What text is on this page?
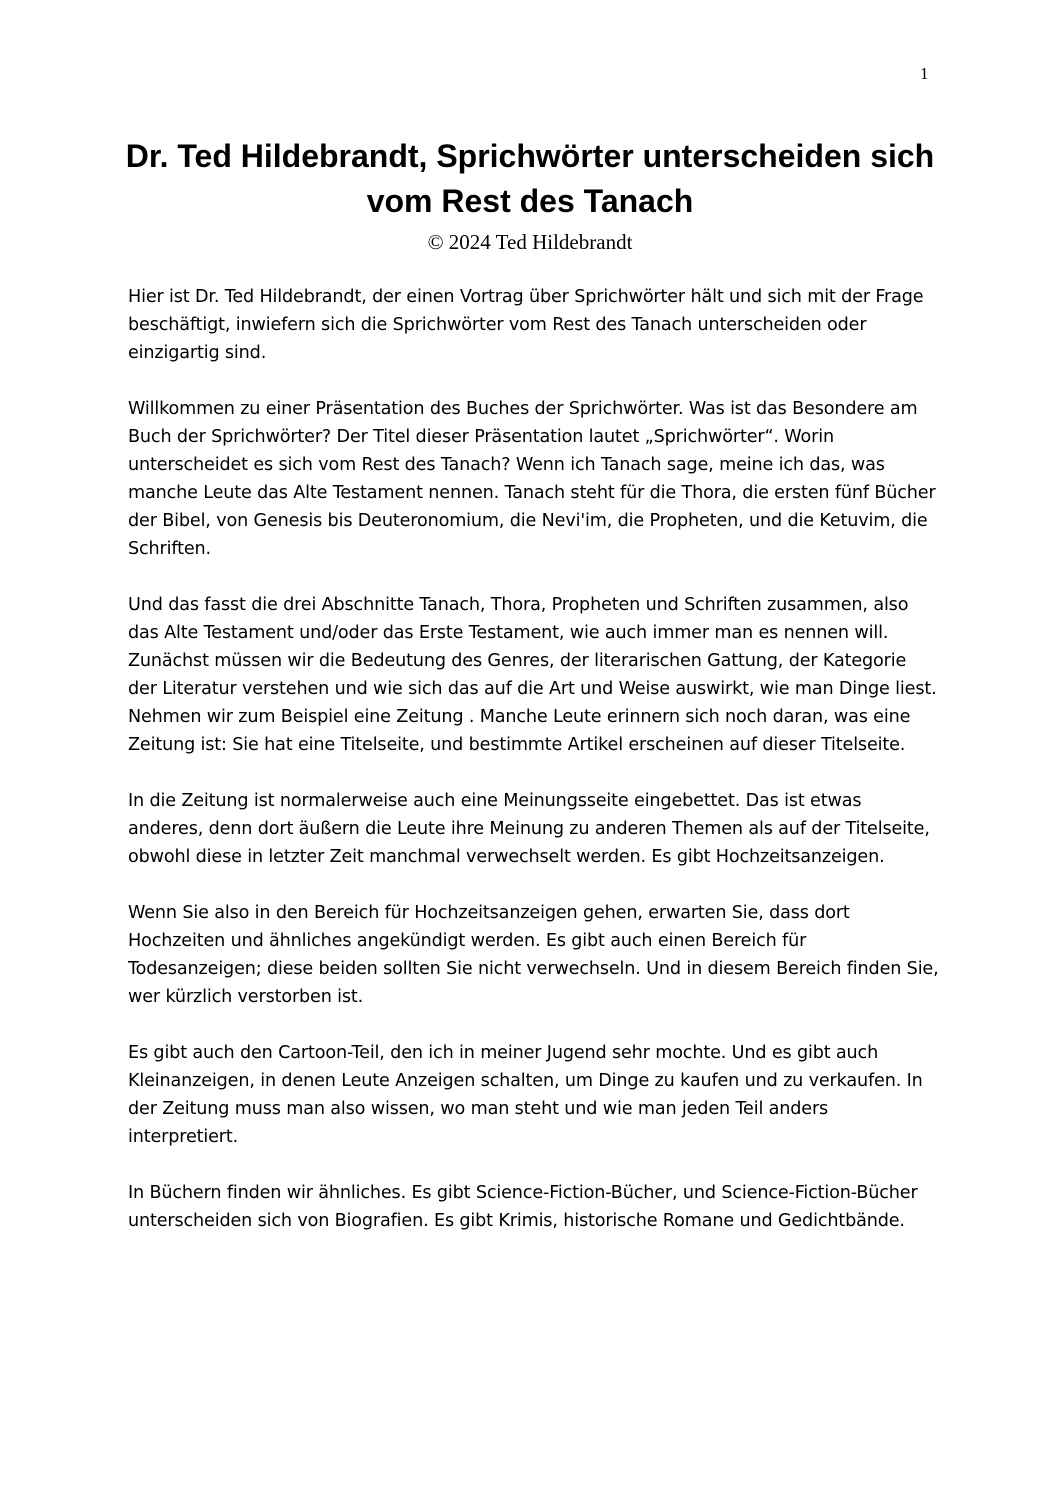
1
Dr. Ted Hildebrandt, Sprichwörter unterscheiden sich vom Rest des Tanach
© 2024 Ted Hildebrandt

Hier ist Dr. Ted Hildebrandt, der einen Vortrag über Sprichwörter hält und sich mit der Frage beschäftigt, inwiefern sich die Sprichwörter vom Rest des Tanach unterscheiden oder einzigartig sind.

Willkommen zu einer Präsentation des Buches der Sprichwörter. Was ist das Besondere am Buch der Sprichwörter? Der Titel dieser Präsentation lautet „Sprichwörter“. Worin unterscheidet es sich vom Rest des Tanach? Wenn ich Tanach sage, meine ich das, was manche Leute das Alte Testament nennen. Tanach steht für die Thora, die ersten fünf Bücher der Bibel, von Genesis bis Deuteronomium, die Nevi'im, die Propheten, und die Ketuvim, die Schriften.

Und das fasst die drei Abschnitte Tanach, Thora, Propheten und Schriften zusammen, also das Alte Testament und/oder das Erste Testament, wie auch immer man es nennen will. Zunächst müssen wir die Bedeutung des Genres, der literarischen Gattung, der Kategorie der Literatur verstehen und wie sich das auf die Art und Weise auswirkt, wie man Dinge liest. Nehmen wir zum Beispiel eine Zeitung . Manche Leute erinnern sich noch daran, was eine Zeitung ist: Sie hat eine Titelseite, und bestimmte Artikel erscheinen auf dieser Titelseite.

In die Zeitung ist normalerweise auch eine Meinungsseite eingebettet. Das ist etwas anderes, denn dort äußern die Leute ihre Meinung zu anderen Themen als auf der Titelseite, obwohl diese in letzter Zeit manchmal verwechselt werden. Es gibt Hochzeitsanzeigen.

Wenn Sie also in den Bereich für Hochzeitsanzeigen gehen, erwarten Sie, dass dort Hochzeiten und ähnliches angekündigt werden. Es gibt auch einen Bereich für Todesanzeigen; diese beiden sollten Sie nicht verwechseln. Und in diesem Bereich finden Sie, wer kürzlich verstorben ist.

Es gibt auch den Cartoon-Teil, den ich in meiner Jugend sehr mochte. Und es gibt auch Kleinanzeigen, in denen Leute Anzeigen schalten, um Dinge zu kaufen und zu verkaufen. In der Zeitung muss man also wissen, wo man steht und wie man jeden Teil anders interpretiert.

In Büchern finden wir ähnliches. Es gibt Science-Fiction-Bücher, und Science-Fiction-Bücher unterscheiden sich von Biografien. Es gibt Krimis, historische Romane und Gedichtbände.
